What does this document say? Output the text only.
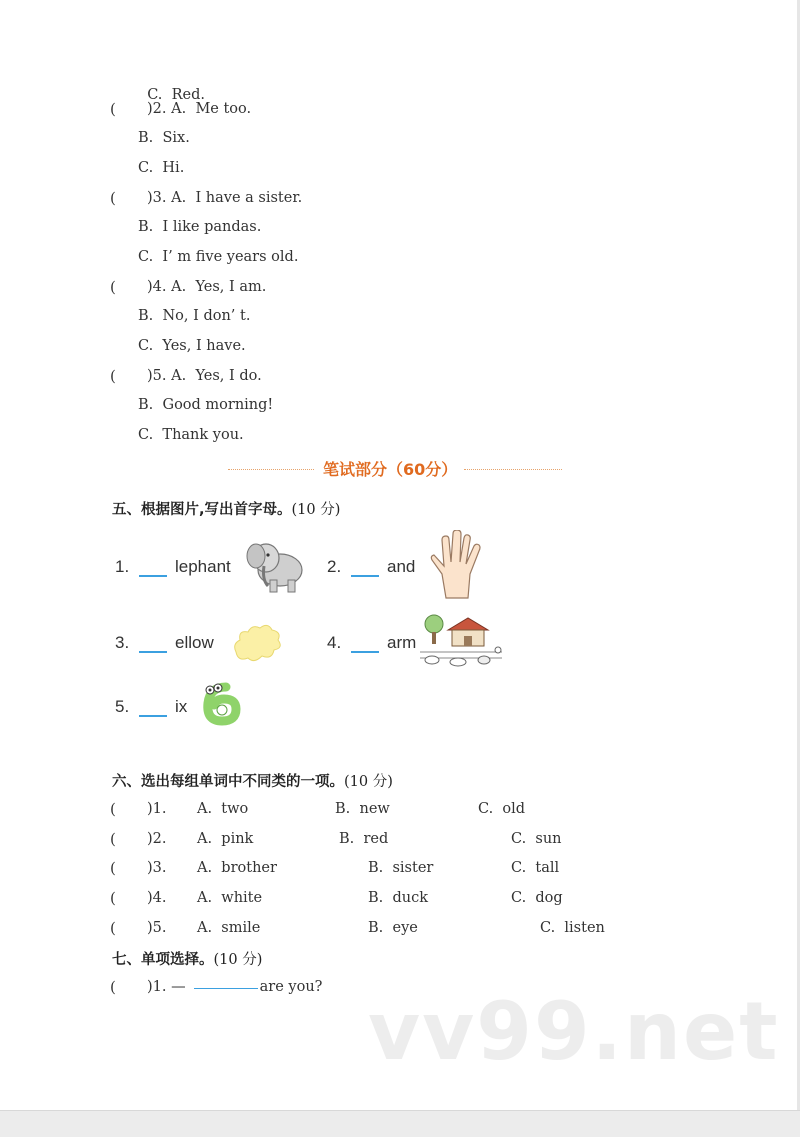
C. Red.

( )2. A. Me too.
B. Six.
C. Hi.
( )3. A. I have a sister.
B. I like pandas.
C. I’ m five years old.
( )4. A. Yes, I am.
B. No, I don’ t.
C. Yes, I have.
( )5. A. Yes, I do.
B. Good morning!
C. Thank you.
笔试部分（60分）
五、根据图片,写出首字母。(10 分)
1.	lephant	2.	and
3.	ellow	4.	arm
5.	ix
六、选出每组单词中不同类的一项。(10 分)
( )1. A.  two	B.  new	C.  old
( )2. A.  pink	B.  red	C.  sun
( )3. A.  brother	B.  sister	C.  tall
( )4. A.  white	B.  duck	C.  dog
( )5. A.  smile	B.  eye	C.  listen
七、单项选择。(10 分)
( )1. —	are you? vv99.net
